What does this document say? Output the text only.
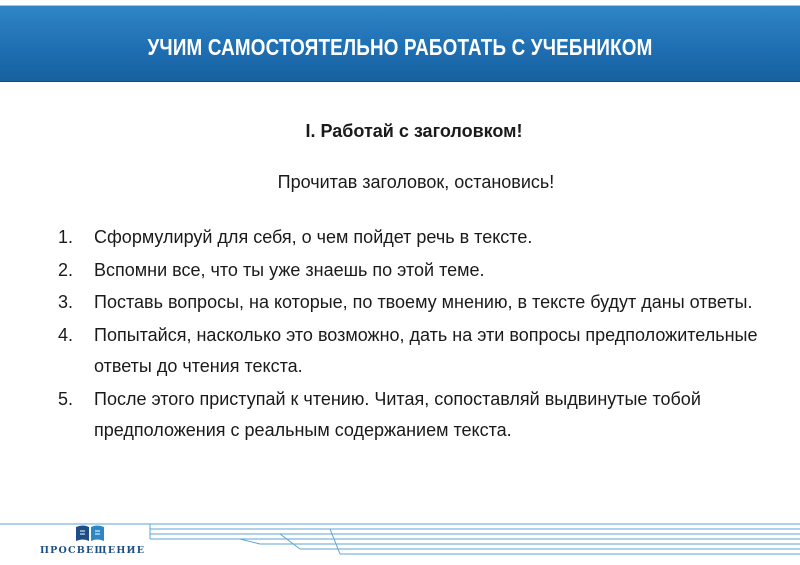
УЧИМ САМОСТОЯТЕЛЬНО РАБОТАТЬ С УЧЕБНИКОМ
I. Работай с заголовком!
Прочитав заголовок, остановись!
1. Сформулируй для себя, о чем пойдет речь в тексте.
2. Вспомни все, что ты уже знаешь по этой теме.
3. Поставь вопросы, на которые, по твоему мнению, в тексте будут даны ответы.
4. Попытайся, насколько это возможно, дать на эти вопросы предположительные ответы до чтения текста.
5. После этого приступай к чтению. Читая, сопоставляй выдвинутые тобой предположения с реальным содержанием текста.
ПРОСВЕЩЕНИЕ
